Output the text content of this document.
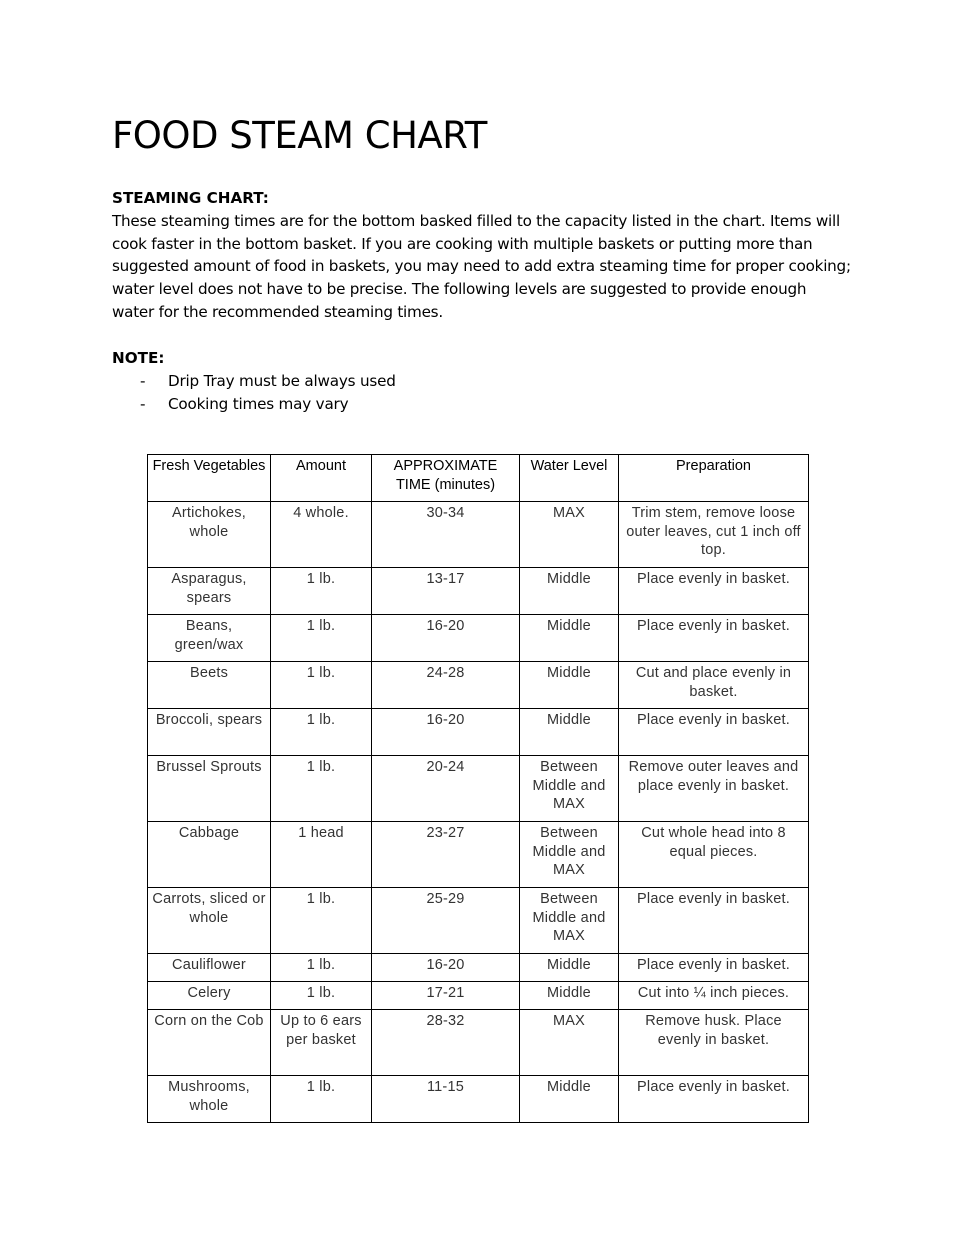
FOOD STEAM CHART
STEAMING CHART:
These steaming times are for the bottom basked filled to the capacity listed in the chart. Items will cook faster in the bottom basket. If you are cooking with multiple baskets or putting more than suggested amount of food in baskets, you may need to add extra steaming time for proper cooking; water level does not have to be precise. The following levels are suggested to provide enough water for the recommended steaming times.
NOTE:
- Drip Tray must be always used
- Cooking times may vary
Fresh Vegetables	Amount	APPROXIMATE TIME (minutes)	Water Level	Preparation
Artichokes, whole	4 whole.	30-34	MAX	Trim stem, remove loose outer leaves, cut 1 inch off top.
Asparagus, spears	1 lb.	13-17	Middle	Place evenly in basket.
Beans, green/wax	1 lb.	16-20	Middle	Place evenly in basket.
Beets	1 lb.	24-28	Middle	Cut and place evenly in basket.
Broccoli, spears	1 lb.	16-20	Middle	Place evenly in basket.
Brussel Sprouts	1 lb.	20-24	Between Middle and MAX	Remove outer leaves and place evenly in basket.
Cabbage	1 head	23-27	Between Middle and MAX	Cut whole head into 8 equal pieces.
Carrots, sliced or whole	1 lb.	25-29	Between Middle and MAX	Place evenly in basket.
Cauliflower	1 lb.	16-20	Middle	Place evenly in basket.
Celery	1 lb.	17-21	Middle	Cut into ¼ inch pieces.
Corn on the Cob	Up to 6 ears per basket	28-32	MAX	Remove husk. Place evenly in basket.
Mushrooms, whole	1 lb.	11-15	Middle	Place evenly in basket.
